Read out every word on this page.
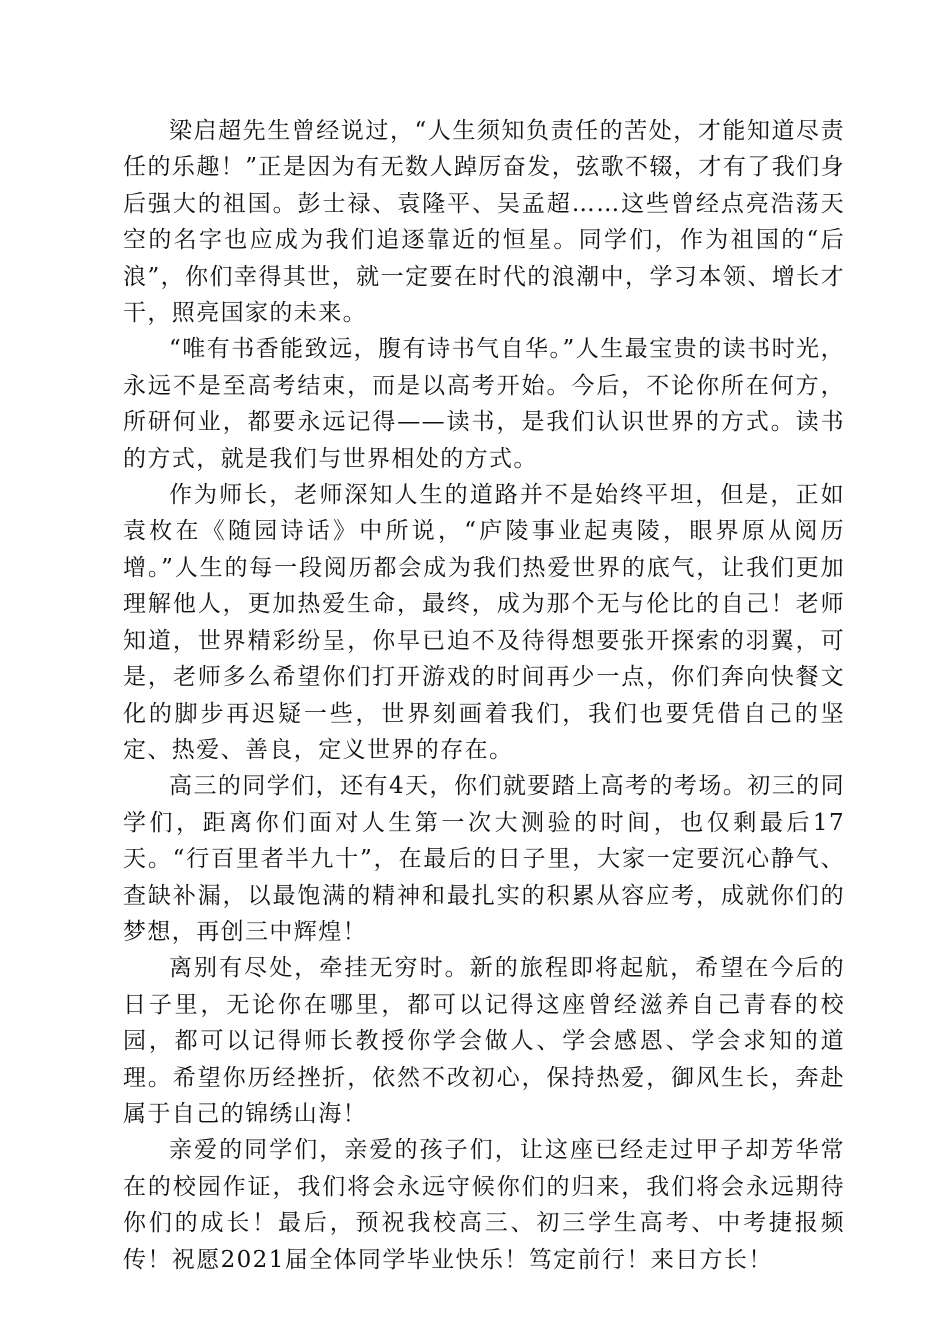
梁启超先生曾经说过，“人生须知负责任的苦处，才能知道尽责任的乐趣！”正是因为有无数人踔厉奋发，弦歌不辍，才有了我们身后强大的祖国。彭士禄、袁隆平、吴孟超……这些曾经点亮浩荡天空的名字也应成为我们追逐靠近的恒星。同学们，作为祖国的“后浪”，你们幸得其世，就一定要在时代的浪潮中，学习本领、增长才干，照亮国家的未来。

“唯有书香能致远，腹有诗书气自华。”人生最宝贵的读书时光，永远不是至高考结束，而是以高考开始。今后，不论你所在何方，所研何业，都要永远记得——读书，是我们认识世界的方式。读书的方式，就是我们与世界相处的方式。

作为师长，老师深知人生的道路并不是始终平坦，但是，正如袁枚在《随园诗话》中所说，“庐陵事业起夷陵，眼界原从阅历增。”人生的每一段阅历都会成为我们热爱世界的底气，让我们更加理解他人，更加热爱生命，最终，成为那个无与伦比的自己！老师知道，世界精彩纷呈，你早已迫不及待得想要张开探索的羽翼，可是，老师多么希望你们打开游戏的时间再少一点，你们奔向快餐文化的脚步再迟疑一些，世界刻画着我们，我们也要凭借自己的坚定、热爱、善良，定义世界的存在。

高三的同学们，还有4天，你们就要踏上高考的考场。初三的同学们，距离你们面对人生第一次大测验的时间，也仅剩最后17天。“行百里者半九十”，在最后的日子里，大家一定要沉心静气、查缺补漏，以最饱满的精神和最扎实的积累从容应考，成就你们的梦想，再创三中辉煌！

离别有尽处，牵挂无穷时。新的旅程即将起航，希望在今后的日子里，无论你在哪里，都可以记得这座曾经滋养自己青春的校园，都可以记得师长教授你学会做人、学会感恩、学会求知的道理。希望你历经挫折，依然不改初心，保持热爱，御风生长，奔赴属于自己的锦绣山海！

亲爱的同学们，亲爱的孩子们，让这座已经走过甲子却芳华常在的校园作证，我们将会永远守候你们的归来，我们将会永远期待你们的成长！最后，预祝我校高三、初三学生高考、中考捷报频传！祝愿2021届全体同学毕业快乐！笃定前行！来日方长！
